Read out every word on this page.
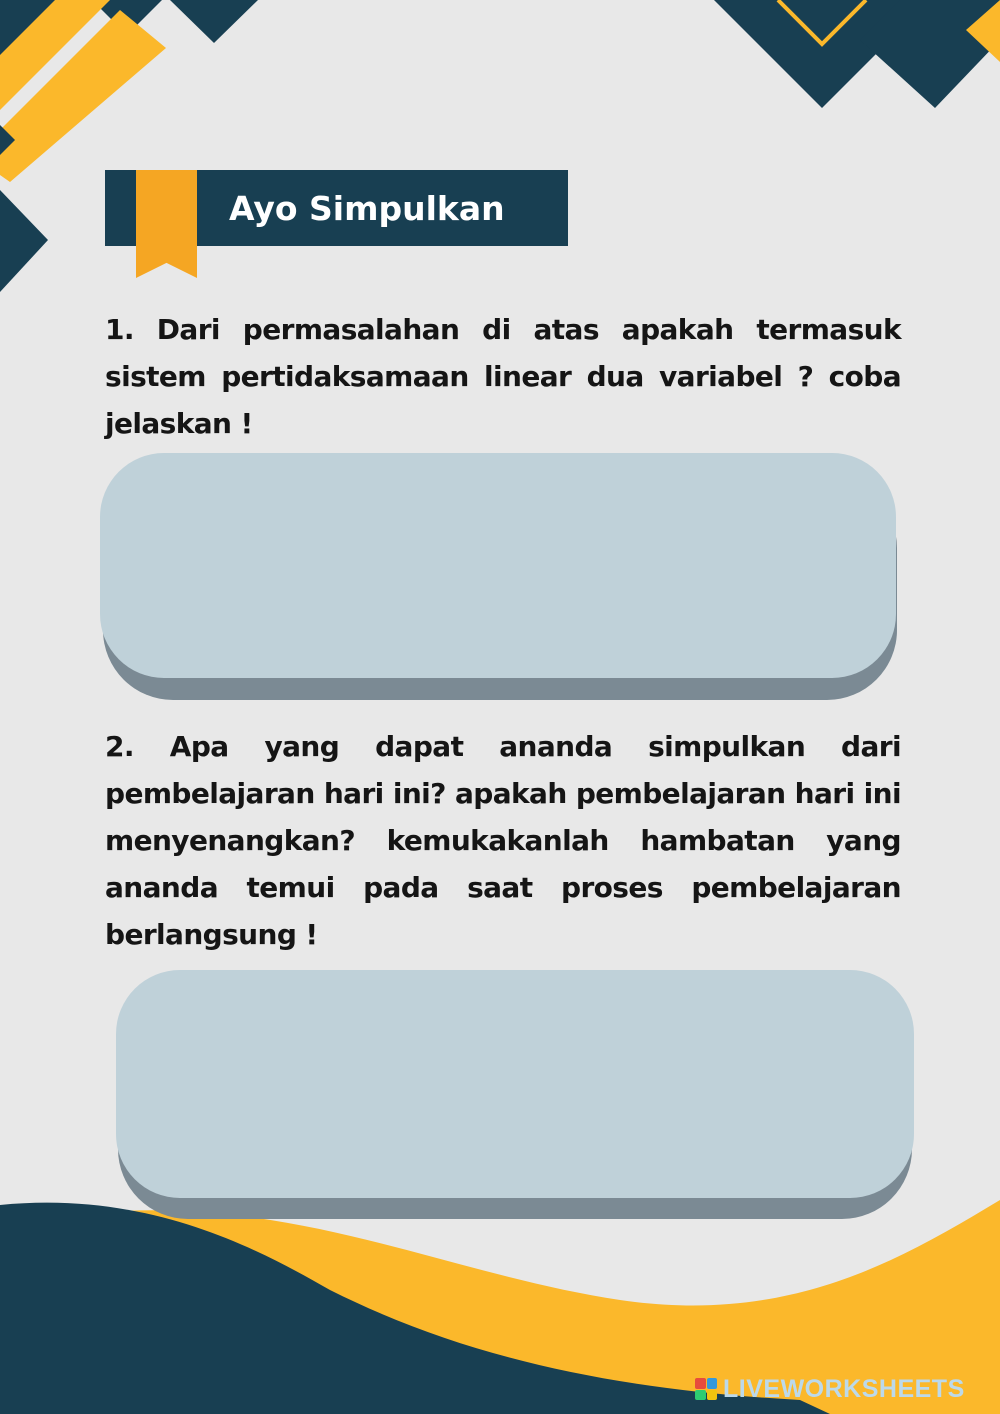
Ayo Simpulkan

1. Dari permasalahan di atas apakah termasuk sistem pertidaksamaan linear dua variabel ? coba jelaskan !

2. Apa yang dapat ananda simpulkan dari pembelajaran hari ini? apakah pembelajaran hari ini menyenangkan? kemukakanlah hambatan yang ananda temui pada saat proses pembelajaran berlangsung !

LIVEWORKSHEETS
